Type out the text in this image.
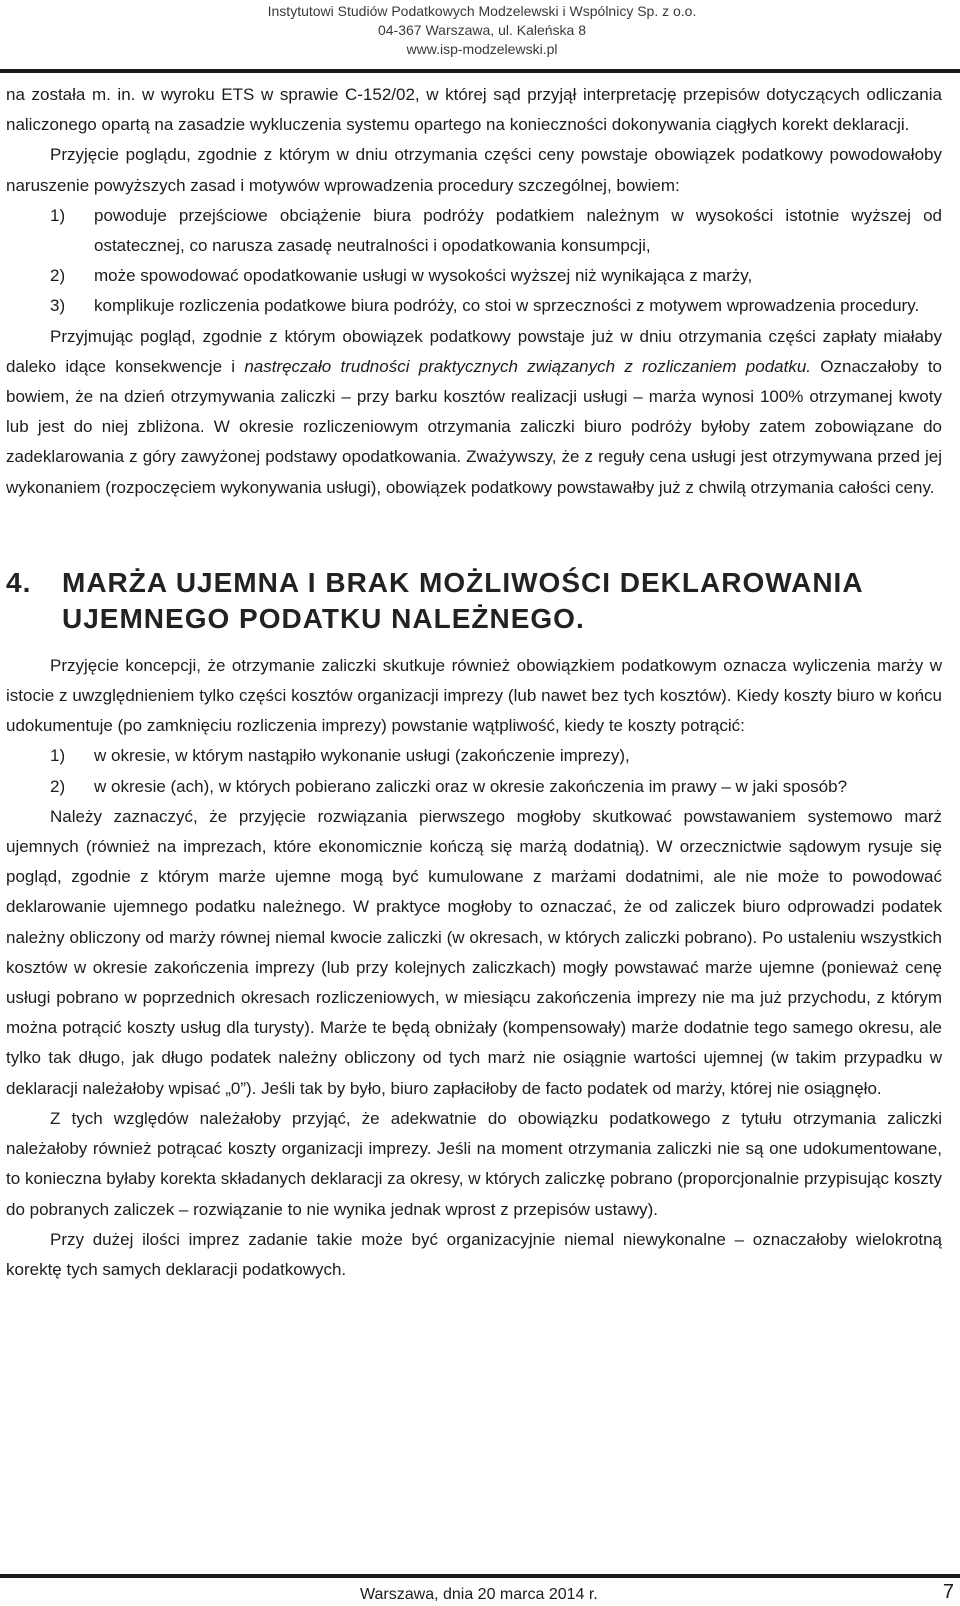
Instytutowi Studiów Podatkowych Modzelewski i Wspólnicy Sp. z o.o.
04-367 Warszawa, ul. Kaleńska 8
www.isp-modzelewski.pl

na została m. in. w wyroku ETS w sprawie C-152/02, w której sąd przyjął interpretację przepisów dotyczących odliczania naliczonego opartą na zasadzie wykluczenia systemu opartego na konieczności dokonywania ciągłych korekt deklaracji.

Przyjęcie poglądu, zgodnie z którym w dniu otrzymania części ceny powstaje obowiązek podatkowy powodowałoby naruszenie powyższych zasad i motywów wprowadzenia procedury szczególnej, bowiem:

1) powoduje przejściowe obciążenie biura podróży podatkiem należnym w wysokości istotnie wyższej od ostatecznej, co narusza zasadę neutralności i opodatkowania konsumpcji,
2) może spowodować opodatkowanie usługi w wysokości wyższej niż wynikająca z marży,
3) komplikuje rozliczenia podatkowe biura podróży, co stoi w sprzeczności z motywem wprowadzenia procedury.

Przyjmując pogląd, zgodnie z którym obowiązek podatkowy powstaje już w dniu otrzymania części zapłaty miałaby daleko idące konsekwencje i nastręczało trudności praktycznych związanych z rozliczaniem podatku. Oznaczałoby to bowiem, że na dzień otrzymywania zaliczki – przy barku kosztów realizacji usługi – marża wynosi 100% otrzymanej kwoty lub jest do niej zbliżona. W okresie rozliczeniowym otrzymania zaliczki biuro podróży byłoby zatem zobowiązane do zadeklarowania z góry zawyżonej podstawy opodatkowania. Zważywszy, że z reguły cena usługi jest otrzymywana przed jej wykonaniem (rozpoczęciem wykonywania usługi), obowiązek podatkowy powstawałby już z chwilą otrzymania całości ceny.

4.	MARŻA UJEMNA I BRAK MOŻLIWOŚCI DEKLAROWANIA UJEMNEGO PODATKU NALEŻNEGO.

Przyjęcie koncepcji, że otrzymanie zaliczki skutkuje również obowiązkiem podatkowym oznacza wyliczenia marży w istocie z uwzględnieniem tylko części kosztów organizacji imprezy (lub nawet bez tych kosztów). Kiedy koszty biuro w końcu udokumentuje (po zamknięciu rozliczenia imprezy) powstanie wątpliwość, kiedy te koszty potrącić:

1) w okresie, w którym nastąpiło wykonanie usługi (zakończenie imprezy),
2) w okresie (ach), w których pobierano zaliczki oraz w okresie zakończenia im prawy – w jaki sposób?

Należy zaznaczyć, że przyjęcie rozwiązania pierwszego mogłoby skutkować powstawaniem systemowo marż ujemnych (również na imprezach, które ekonomicznie kończą się marżą dodatnią). W orzecznictwie sądowym rysuje się pogląd, zgodnie z którym marże ujemne mogą być kumulowane z marżami dodatnimi, ale nie może to powodować deklarowanie ujemnego podatku należnego. W praktyce mogłoby to oznaczać, że od zaliczek biuro odprowadzi podatek należny obliczony od marży równej niemal kwocie zaliczki (w okresach, w których zaliczki pobrano). Po ustaleniu wszystkich kosztów w okresie zakończenia imprezy (lub przy kolejnych zaliczkach) mogły powstawać marże ujemne (ponieważ cenę usługi pobrano w poprzednich okresach rozliczeniowych, w miesiącu zakończenia imprezy nie ma już przychodu, z którym można potrącić koszty usług dla turysty). Marże te będą obniżały (kompensowały) marże dodatnie tego samego okresu, ale tylko tak długo, jak długo podatek należny obliczony od tych marż nie osiągnie wartości ujemnej (w takim przypadku w deklaracji należałoby wpisać „0”). Jeśli tak by było, biuro zapłaciłoby de facto podatek od marży, której nie osiągnęło.

Z tych względów należałoby przyjąć, że adekwatnie do obowiązku podatkowego z tytułu otrzymania zaliczki należałoby również potrącać koszty organizacji imprezy. Jeśli na moment otrzymania zaliczki nie są one udokumentowane, to konieczna byłaby korekta składanych deklaracji za okresy, w których zaliczkę pobrano (proporcjonalnie przypisując koszty do pobranych zaliczek – rozwiązanie to nie wynika jednak wprost z przepisów ustawy).

Przy dużej ilości imprez zadanie takie może być organizacyjnie niemal niewykonalne – oznaczałoby wielokrotną korektę tych samych deklaracji podatkowych.

Warszawa, dnia 20 marca 2014 r.	7
